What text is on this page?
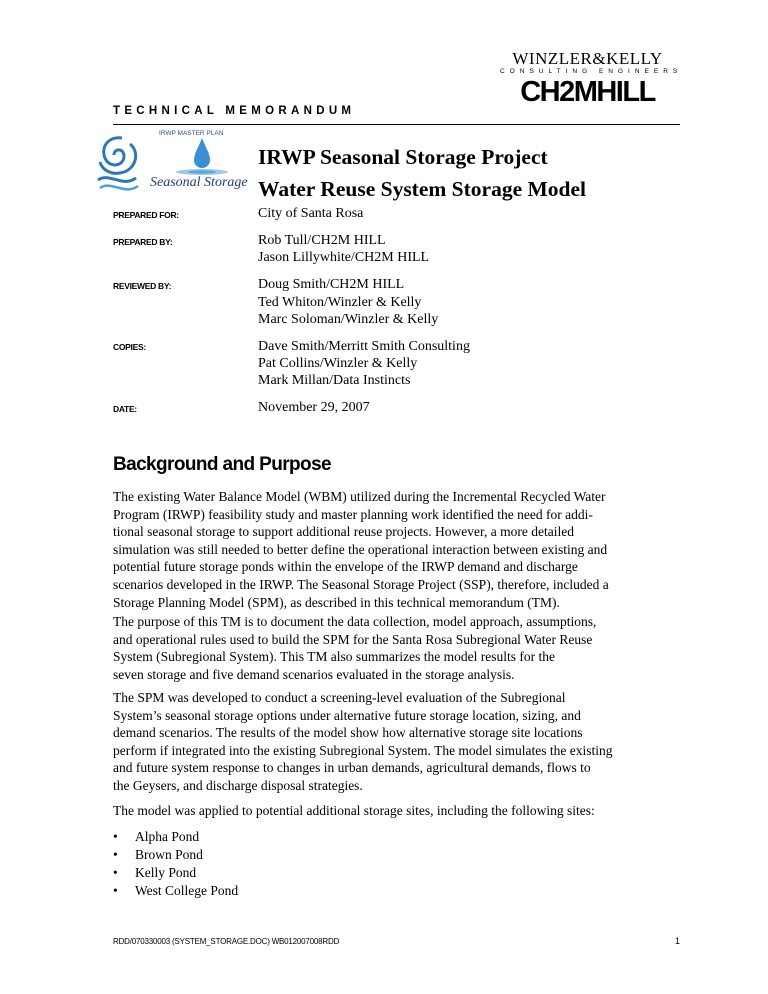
WINZLER&KELLY
CONSULTING ENGINEERS
CH2MHILL
TECHNICAL MEMORANDUM
IRWP MASTER PLAN
Seasonal Storage
IRWP Seasonal Storage Project
Water Reuse System Storage Model
PREPARED FOR:	City of Santa Rosa
PREPARED BY:	Rob Tull/CH2M HILL
Jason Lillywhite/CH2M HILL
REVIEWED BY:	Doug Smith/CH2M HILL
Ted Whiton/Winzler & Kelly
Marc Soloman/Winzler & Kelly
COPIES:	Dave Smith/Merritt Smith Consulting
Pat Collins/Winzler & Kelly
Mark Millan/Data Instincts
DATE:	November 29, 2007
Background and Purpose
The existing Water Balance Model (WBM) utilized during the Incremental Recycled Water
Program (IRWP) feasibility study and master planning work identified the need for addi-
tional seasonal storage to support additional reuse projects. However, a more detailed
simulation was still needed to better define the operational interaction between existing and
potential future storage ponds within the envelope of the IRWP demand and discharge
scenarios developed in the IRWP. The Seasonal Storage Project (SSP), therefore, included a
Storage Planning Model (SPM), as described in this technical memorandum (TM).
The purpose of this TM is to document the data collection, model approach, assumptions,
and operational rules used to build the SPM for the Santa Rosa Subregional Water Reuse
System (Subregional System). This TM also summarizes the model results for the
seven storage and five demand scenarios evaluated in the storage analysis.
The SPM was developed to conduct a screening-level evaluation of the Subregional
System’s seasonal storage options under alternative future storage location, sizing, and
demand scenarios. The results of the model show how alternative storage site locations
perform if integrated into the existing Subregional System. The model simulates the existing
and future system response to changes in urban demands, agricultural demands, flows to
the Geysers, and discharge disposal strategies.
The model was applied to potential additional storage sites, including the following sites:
• Alpha Pond
• Brown Pond
• Kelly Pond
• West College Pond
RDD/070330003 (SYSTEM_STORAGE.DOC) WB012007008RDD	1
